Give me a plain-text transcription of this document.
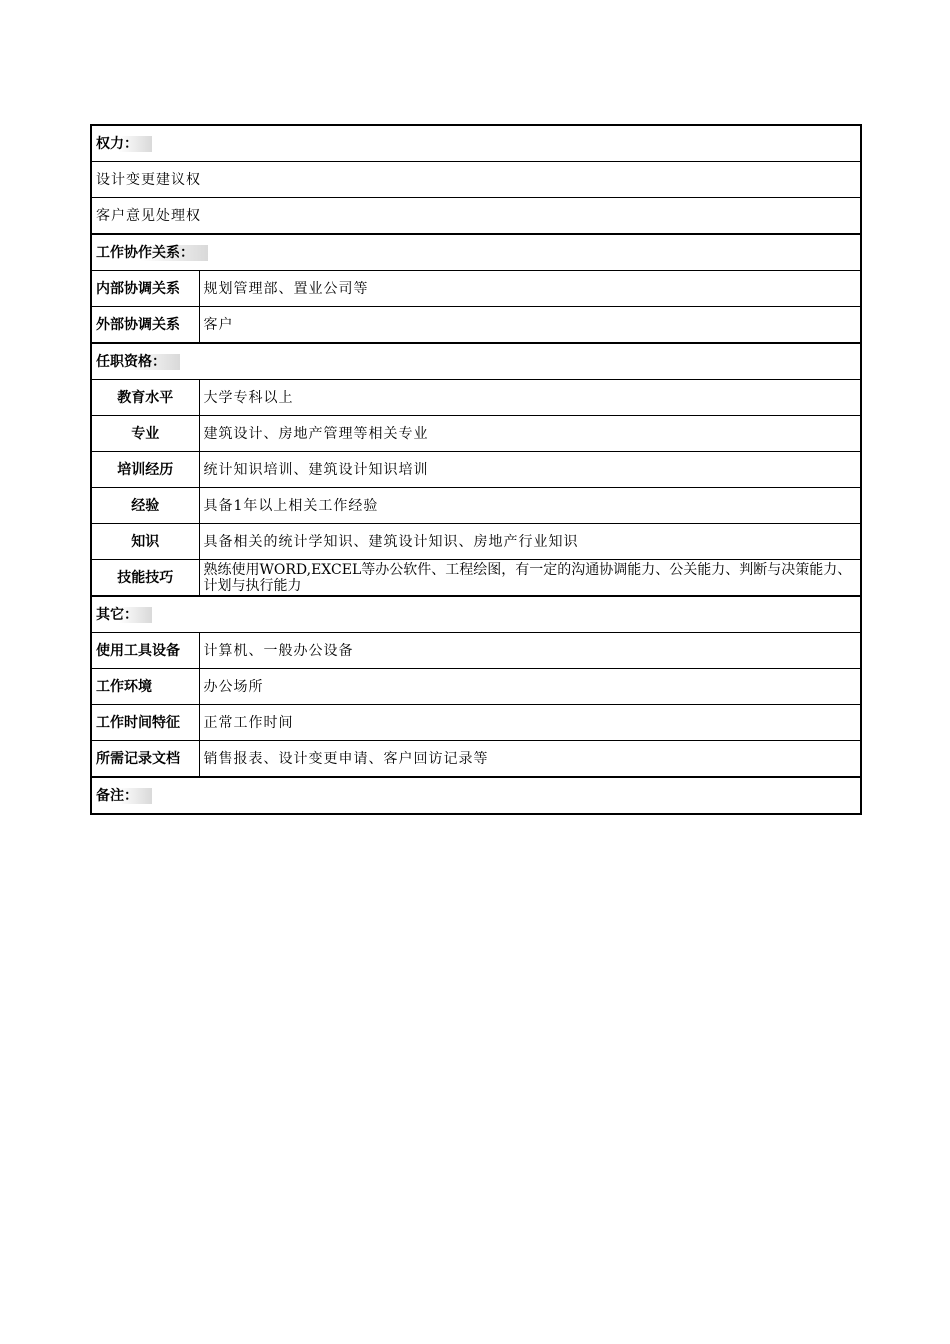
权力：	
设计变更建议权	
客户意见处理权	
工作协作关系：	
内部协调关系	规划管理部、置业公司等
外部协调关系	客户
任职资格：	
教育水平	大学专科以上
专业	建筑设计、房地产管理等相关专业
培训经历	统计知识培训、建筑设计知识培训
经验	具备1年以上相关工作经验
知识	具备相关的统计学知识、建筑设计知识、房地产行业知识
技能技巧	熟练使用WORD,EXCEL等办公软件、工程绘图，有一定的沟通协调能力、公关能力、判断与决策能力、计划与执行能力
其它：	
使用工具设备	计算机、一般办公设备
工作环境	办公场所
工作时间特征	正常工作时间
所需记录文档	销售报表、设计变更申请、客户回访记录等
备注：	
